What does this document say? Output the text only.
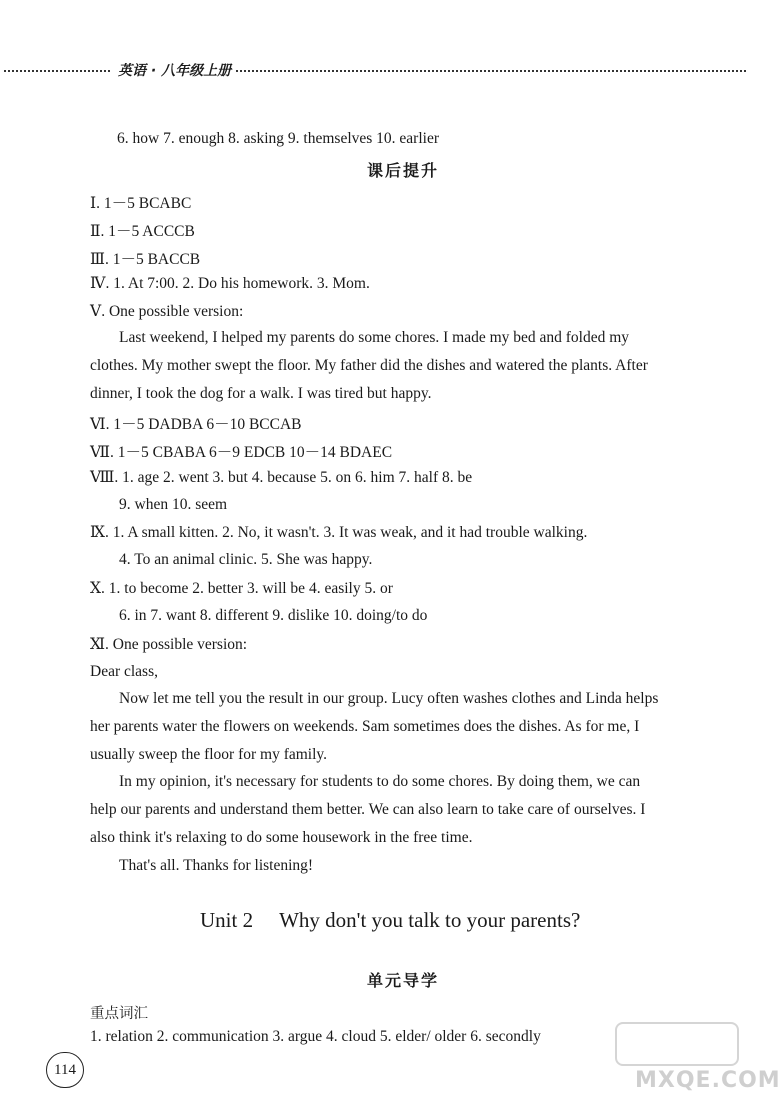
英语 · 八年级上册
6. how 7. enough 8. asking 9. themselves 10. earlier
课后提升
Ⅰ. 1－5 BCABC
Ⅱ. 1－5 ACCCB
Ⅲ. 1－5 BACCB
Ⅳ. 1. At 7:00. 2. Do his homework. 3. Mom.
Ⅴ. One possible version:
Last weekend, I helped my parents do some chores. I made my bed and folded my
clothes. My mother swept the floor. My father did the dishes and watered the plants. After
dinner, I took the dog for a walk. I was tired but happy.
Ⅵ. 1－5 DADBA 6－10 BCCAB
Ⅶ. 1－5 CBABA 6－9 EDCB 10－14 BDAEC
Ⅷ. 1. age 2. went 3. but 4. because 5. on 6. him 7. half 8. be
9. when 10. seem
Ⅸ. 1. A small kitten. 2. No, it wasn't. 3. It was weak, and it had trouble walking.
4. To an animal clinic. 5. She was happy.
Ⅹ. 1. to become 2. better 3. will be 4. easily 5. or
6. in 7. want 8. different 9. dislike 10. doing/to do
Ⅺ. One possible version:
Dear class,
Now let me tell you the result in our group. Lucy often washes clothes and Linda helps
her parents water the flowers on weekends. Sam sometimes does the dishes. As for me, I
usually sweep the floor for my family.
In my opinion, it's necessary for students to do some chores. By doing them, we can
help our parents and understand them better. We can also learn to take care of ourselves. I
also think it's relaxing to do some housework in the free time.
That's all. Thanks for listening!
Unit 2 Why don't you talk to your parents?
单元导学
重点词汇
1. relation 2. communication 3. argue 4. cloud 5. elder/ older 6. secondly
114	MXQE.COM
